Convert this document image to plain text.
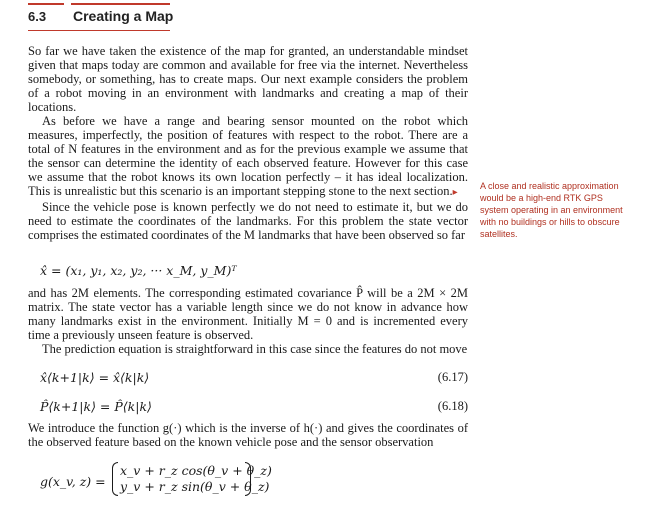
6.3 Creating a Map

So far we have taken the existence of the map for granted, an understandable mindset given that maps today are common and available for free via the internet. Nevertheless somebody, or something, has to create maps. Our next example considers the problem of a robot moving in an environment with landmarks and creating a map of their locations.

As before we have a range and bearing sensor mounted on the robot which measures, imperfectly, the position of features with respect to the robot. There are a total of N features in the environment and as for the previous example we assume that the sensor can determine the identity of each observed feature. However for this case we assume that the robot knows its own location perfectly – it has ideal localization. This is unrealistic but this scenario is an important stepping stone to the next section.▸

Since the vehicle pose is known perfectly we do not need to estimate it, but we do need to estimate the coordinates of the landmarks. For this problem the state vector comprises the estimated coordinates of the M landmarks that have been observed so far

A close and realistic approximation would be a high-end RTK GPS system operating in an environment with no buildings or hills to obscure satellites.
x̂ = (x₁, y₁, x₂, y₂, ··· x_M, y_M)ᵀ

and has 2M elements. The corresponding estimated covariance P̂ will be a 2M × 2M matrix. The state vector has a variable length since we do not know in advance how many landmarks exist in the environment. Initially M = 0 and is incremented every time a previously unseen feature is observed.

The prediction equation is straightforward in this case since the features do not move

x̂⟨k+1|k⟩ = x̂⟨k|k⟩	(6.17)
P̂⟨k+1|k⟩ = P̂⟨k|k⟩	(6.18)

We introduce the function g(·) which is the inverse of h(·) and gives the coordinates of the observed feature based on the known vehicle pose and the sensor observation

g(x_v, z) =
x_v + r_z cos(θ_v + θ_z)
y_v + r_z sin(θ_v + θ_z)
